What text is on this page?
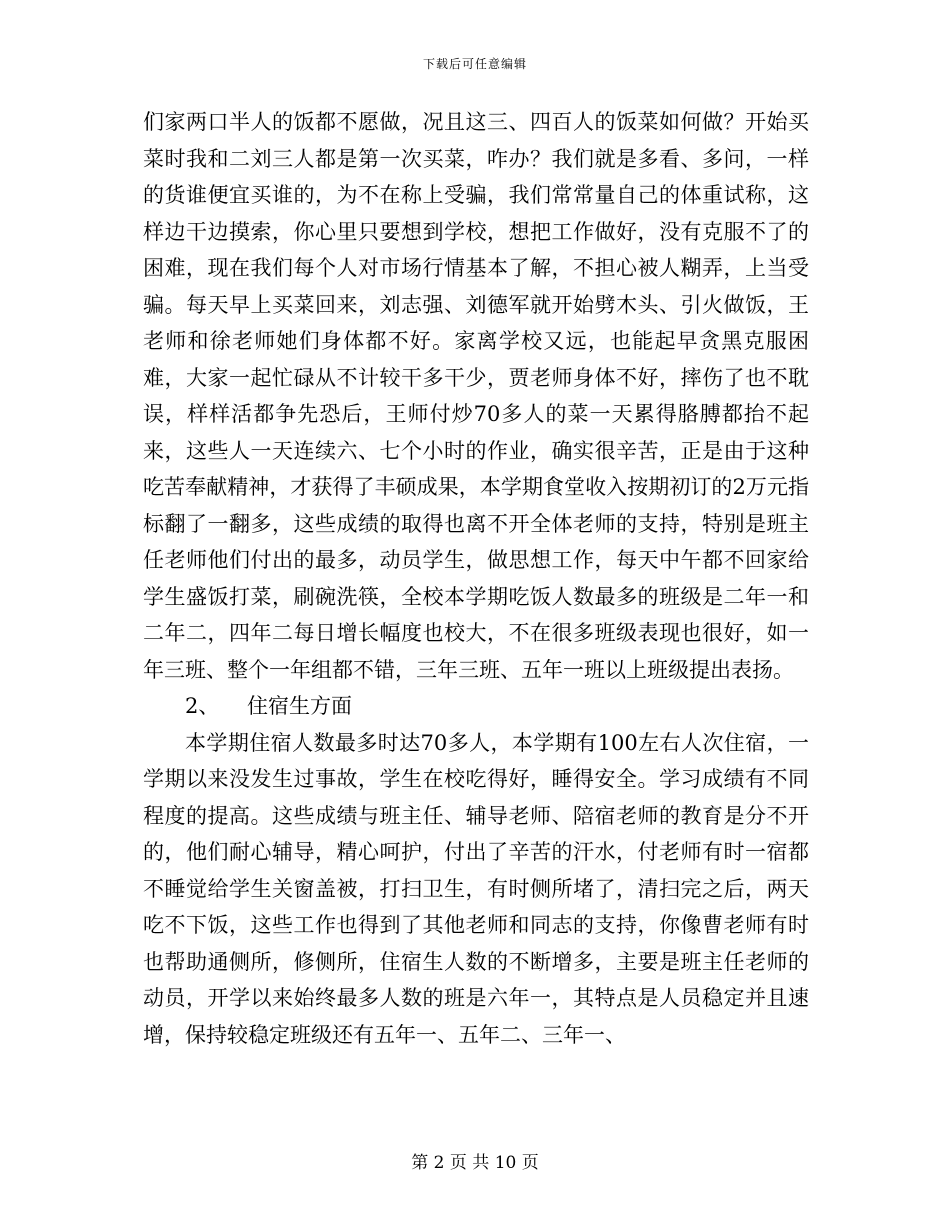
下载后可任意编辑

们家两口半人的饭都不愿做，况且这三、四百人的饭菜如何做？开始买菜时我和二刘三人都是第一次买菜，咋办？我们就是多看、多问，一样的货谁便宜买谁的，为不在称上受骗，我们常常量自己的体重试称，这样边干边摸索，你心里只要想到学校，想把工作做好，没有克服不了的困难，现在我们每个人对市场行情基本了解，不担心被人糊弄，上当受骗。每天早上买菜回来，刘志强、刘德军就开始劈木头、引火做饭，王老师和徐老师她们身体都不好。家离学校又远，也能起早贪黑克服困难，大家一起忙碌从不计较干多干少，贾老师身体不好，摔伤了也不耽误，样样活都争先恐后，王师付炒70多人的菜一天累得胳膊都抬不起来，这些人一天连续六、七个小时的作业，确实很辛苦，正是由于这种吃苦奉献精神，才获得了丰硕成果，本学期食堂收入按期初订的2万元指标翻了一翻多，这些成绩的取得也离不开全体老师的支持，特别是班主任老师他们付出的最多，动员学生，做思想工作，每天中午都不回家给学生盛饭打菜，刷碗洗筷，全校本学期吃饭人数最多的班级是二年一和二年二，四年二每日增长幅度也校大，不在很多班级表现也很好，如一年三班、整个一年组都不错，三年三班、五年一班以上班级提出表扬。

2、 住宿生方面

本学期住宿人数最多时达70多人，本学期有100左右人次住宿，一学期以来没发生过事故，学生在校吃得好，睡得安全。学习成绩有不同程度的提高。这些成绩与班主任、辅导老师、陪宿老师的教育是分不开的，他们耐心辅导，精心呵护，付出了辛苦的汗水，付老师有时一宿都不睡觉给学生关窗盖被，打扫卫生，有时侧所堵了，清扫完之后，两天吃不下饭，这些工作也得到了其他老师和同志的支持，你像曹老师有时也帮助通侧所，修侧所，住宿生人数的不断增多，主要是班主任老师的动员，开学以来始终最多人数的班是六年一，其特点是人员稳定并且速增，保持较稳定班级还有五年一、五年二、三年一、

第 2 页 共 10 页
